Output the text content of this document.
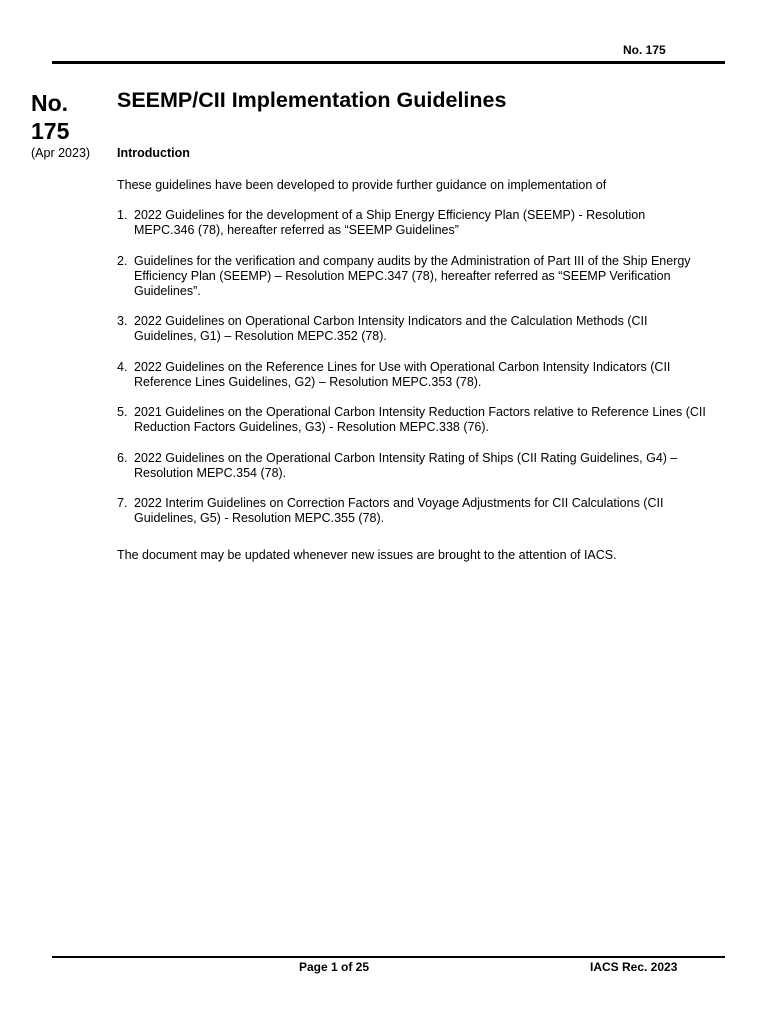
No. 175
No. 175
(Apr 2023)
SEEMP/CII Implementation Guidelines
Introduction
These guidelines have been developed to provide further guidance on implementation of
1. 2022 Guidelines for the development of a Ship Energy Efficiency Plan (SEEMP) - Resolution MEPC.346 (78), hereafter referred as “SEEMP Guidelines”
2. Guidelines for the verification and company audits by the Administration of Part III of the Ship Energy Efficiency Plan (SEEMP) – Resolution MEPC.347 (78), hereafter referred as “SEEMP Verification Guidelines”.
3. 2022 Guidelines on Operational Carbon Intensity Indicators and the Calculation Methods (CII Guidelines, G1) – Resolution MEPC.352 (78).
4. 2022 Guidelines on the Reference Lines for Use with Operational Carbon Intensity Indicators (CII Reference Lines Guidelines, G2) – Resolution MEPC.353 (78).
5. 2021 Guidelines on the Operational Carbon Intensity Reduction Factors relative to Reference Lines (CII Reduction Factors Guidelines, G3) - Resolution MEPC.338 (76).
6. 2022 Guidelines on the Operational Carbon Intensity Rating of Ships (CII Rating Guidelines, G4) – Resolution MEPC.354 (78).
7. 2022 Interim Guidelines on Correction Factors and Voyage Adjustments for CII Calculations (CII Guidelines, G5) - Resolution MEPC.355 (78).
The document may be updated whenever new issues are brought to the attention of IACS.
Page 1 of 25	IACS Rec. 2023
